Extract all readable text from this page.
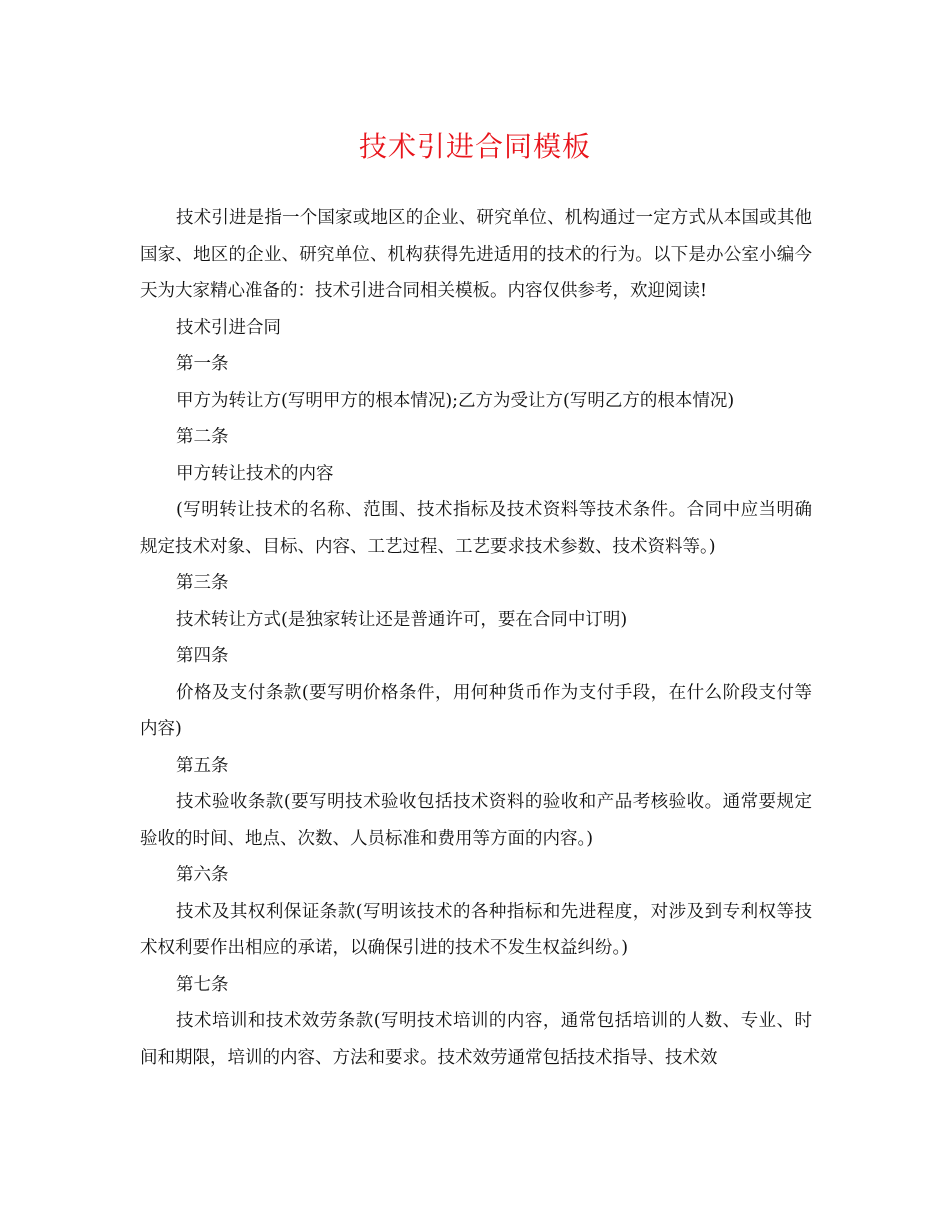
技术引进合同模板

技术引进是指一个国家或地区的企业、研究单位、机构通过一定方式从本国或其他国家、地区的企业、研究单位、机构获得先进适用的技术的行为。以下是办公室小编今天为大家精心准备的：技术引进合同相关模板。内容仅供参考，欢迎阅读!

技术引进合同

第一条

甲方为转让方(写明甲方的根本情况);乙方为受让方(写明乙方的根本情况)

第二条

甲方转让技术的内容

(写明转让技术的名称、范围、技术指标及技术资料等技术条件。合同中应当明确规定技术对象、目标、内容、工艺过程、工艺要求技术参数、技术资料等。)

第三条

技术转让方式(是独家转让还是普通许可，要在合同中订明)

第四条

价格及支付条款(要写明价格条件，用何种货币作为支付手段，在什么阶段支付等内容)

第五条

技术验收条款(要写明技术验收包括技术资料的验收和产品考核验收。通常要规定验收的时间、地点、次数、人员标准和费用等方面的内容。)

第六条

技术及其权利保证条款(写明该技术的各种指标和先进程度，对涉及到专利权等技术权利要作出相应的承诺，以确保引进的技术不发生权益纠纷。)

第七条

技术培训和技术效劳条款(写明技术培训的内容，通常包括培训的人数、专业、时间和期限，培训的内容、方法和要求。技术效劳通常包括技术指导、技术效
